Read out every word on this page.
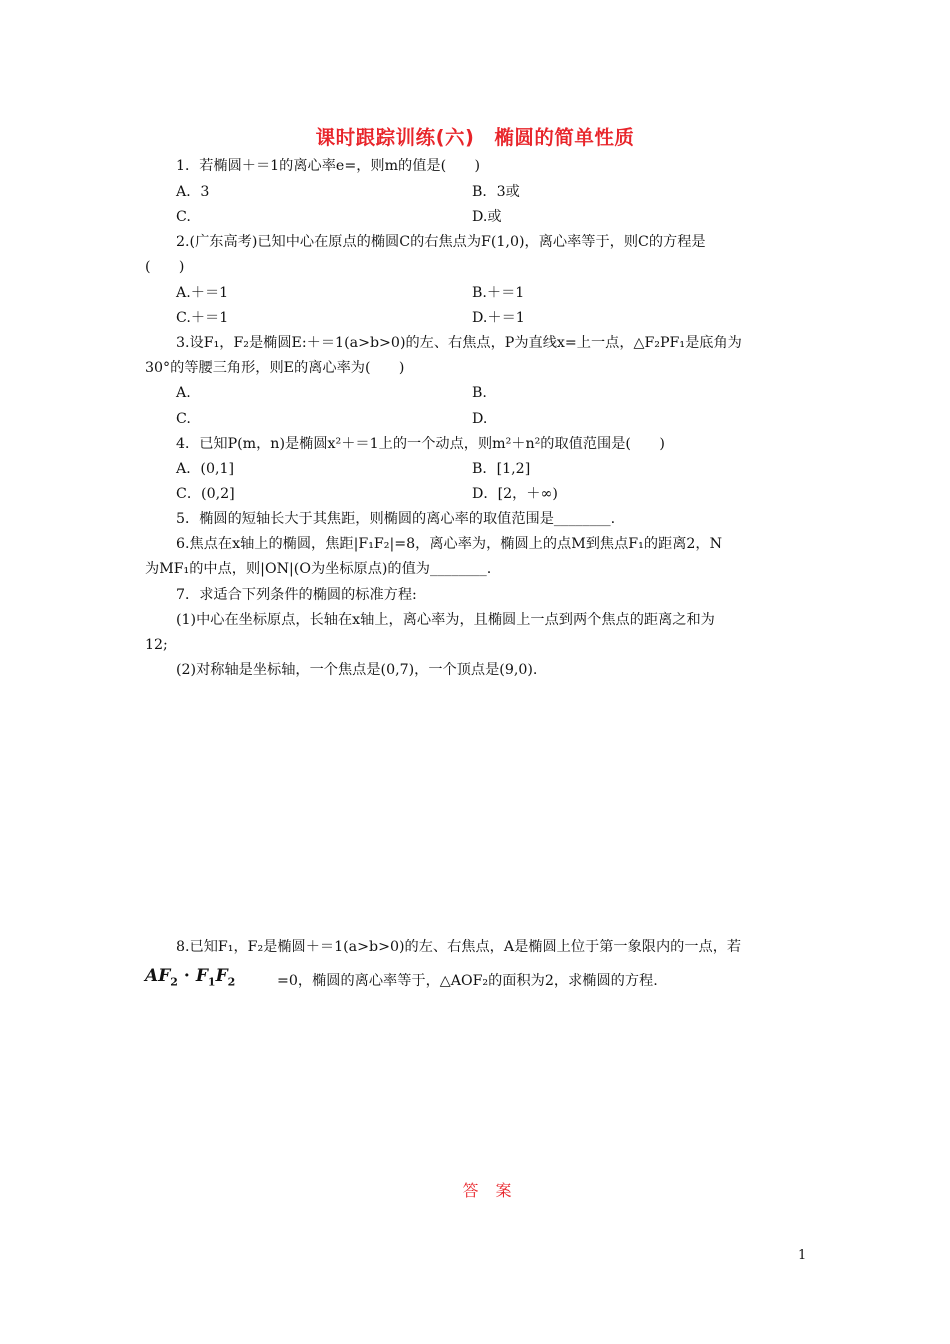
课时跟踪训练(六)　椭圆的简单性质
1．若椭圆＋＝1的离心率e=，则m的值是(　　)
A．3	B．3或
C.	D.或
2.(广东高考)已知中心在原点的椭圆C的右焦点为F(1,0)，离心率等于，则C的方程是
(　　)
A.＋＝1	B.＋＝1
C.＋＝1	D.＋＝1
3.设F₁，F₂是椭圆E:＋＝1(a>b>0)的左、右焦点，P为直线x=上一点，△F₂PF₁是底角为
30°的等腰三角形，则E的离心率为(　　)
A.	B.
C.	D.
4．已知P(m，n)是椭圆x²＋＝1上的一个动点，则m²＋n²的取值范围是(　　)
A．(0,1]	B．[1,2]
C．(0,2]	D．[2，＋∞)
5．椭圆的短轴长大于其焦距，则椭圆的离心率的取值范围是________.
6.焦点在x轴上的椭圆，焦距|F₁F₂|=8，离心率为，椭圆上的点M到焦点F₁的距离2，N
为MF₁的中点，则|ON|(O为坐标原点)的值为________.
7．求适合下列条件的椭圆的标准方程:
(1)中心在坐标原点，长轴在x轴上，离心率为，且椭圆上一点到两个焦点的距离之和为
12;
(2)对称轴是坐标轴，一个焦点是(0,7)，一个顶点是(9,0).
8.已知F₁，F₂是椭圆＋＝1(a>b>0)的左、右焦点，A是椭圆上位于第一象限内的一点，若
$AF_2 \cdot F_1F_2$	=0，椭圆的离心率等于，△AOF₂的面积为2，求椭圆的方程.
答 案
1
